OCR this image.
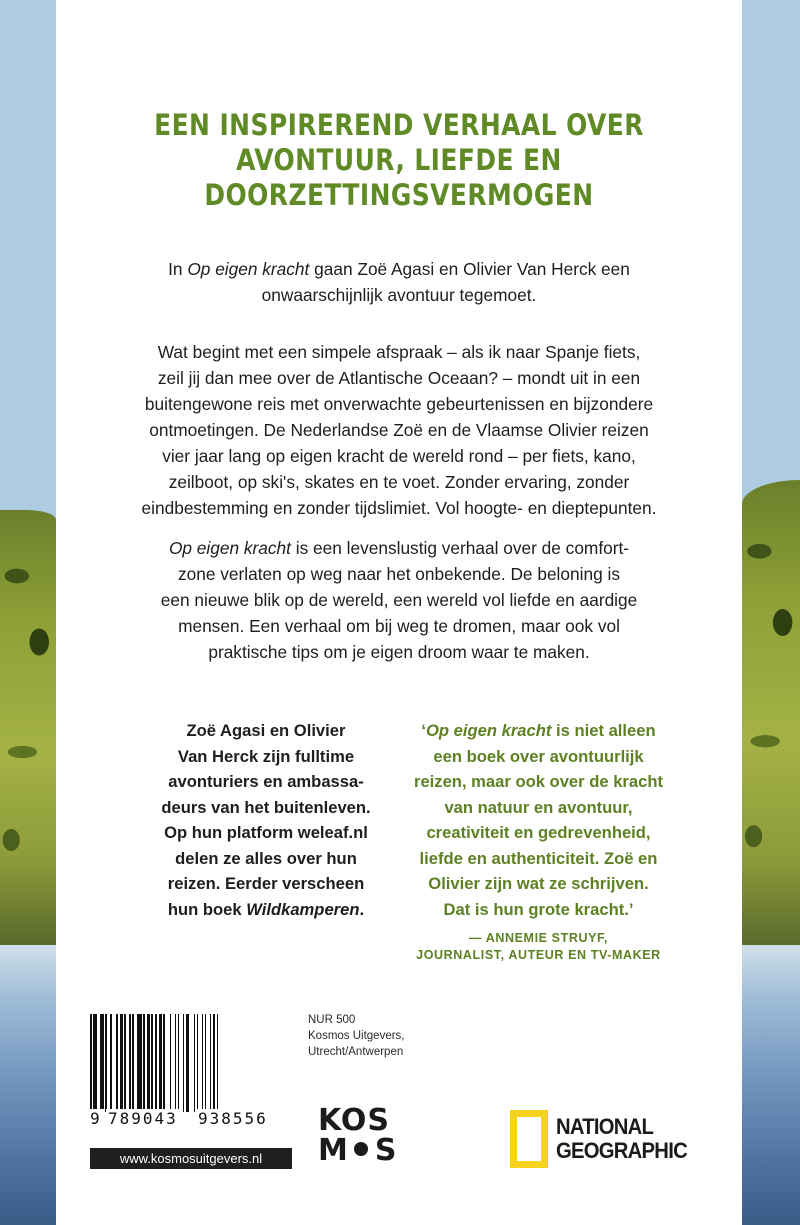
EEN INSPIREREND VERHAAL OVER
AVONTUUR, LIEFDE EN
DOORZETTINGSVERMOGEN
In Op eigen kracht gaan Zoë Agasi en Olivier Van Herck een
onwaarschijnlijk avontuur tegemoet.
Wat begint met een simpele afspraak – als ik naar Spanje fiets,
zeil jij dan mee over de Atlantische Oceaan? – mondt uit in een
buitengewone reis met onverwachte gebeurtenissen en bijzondere
ontmoetingen. De Nederlandse Zoë en de Vlaamse Olivier reizen
vier jaar lang op eigen kracht de wereld rond – per fiets, kano,
zeilboot, op ski's, skates en te voet. Zonder ervaring, zonder
eindbestemming en zonder tijdslimiet. Vol hoogte- en dieptepunten.
Op eigen kracht is een levenslustig verhaal over de comfort-
zone verlaten op weg naar het onbekende. De beloning is
een nieuwe blik op de wereld, een wereld vol liefde en aardige
mensen. Een verhaal om bij weg te dromen, maar ook vol
praktische tips om je eigen droom waar te maken.
Zoë Agasi en Olivier
Van Herck zijn fulltime
avonturiers en ambassa-
deurs van het buitenleven.
Op hun platform weleaf.nl
delen ze alles over hun
reizen. Eerder verscheen
hun boek Wildkamperen.
‘Op eigen kracht is niet alleen
een boek over avontuurlijk
reizen, maar ook over de kracht
van natuur en avontuur,
creativiteit en gedrevenheid,
liefde en authenticiteit. Zoë en
Olivier zijn wat ze schrijven.
Dat is hun grote kracht.’
— ANNEMIE STRUYF,
JOURNALIST, AUTEUR EN TV-MAKER
9 789043 938556
www.kosmosuitgevers.nl
NUR 500
Kosmos Uitgevers,
Utrecht/Antwerpen
KOS
M S
NATIONAL
GEOGRAPHIC
